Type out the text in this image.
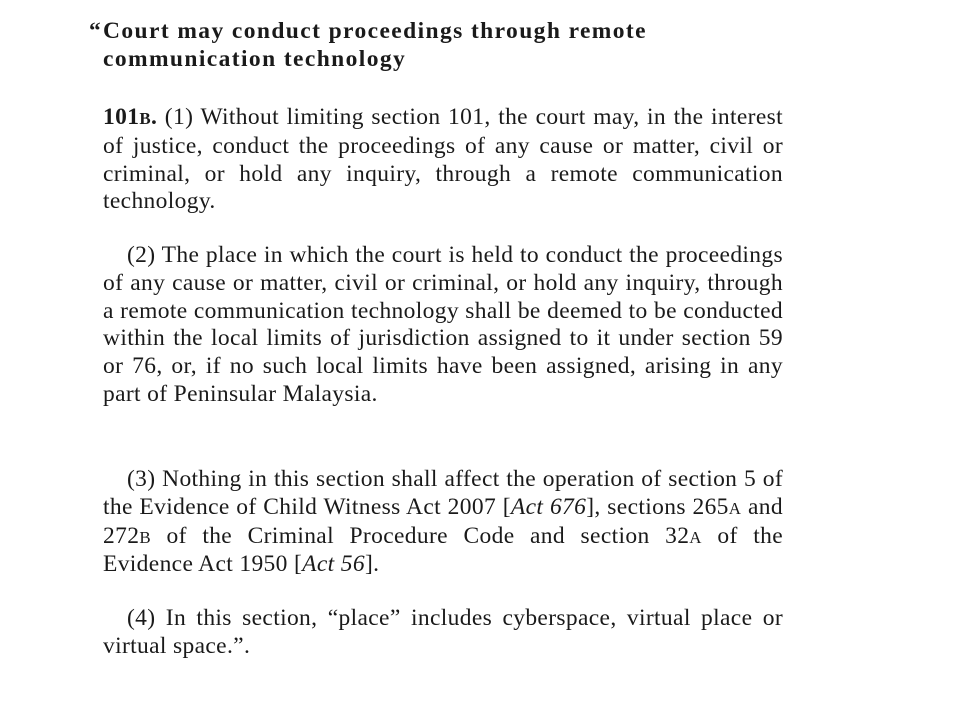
“ Court may conduct proceedings through remote
communication technology
101B. (1) Without limiting section 101, the court may, in the interest of justice, conduct the proceedings of any cause or matter, civil or criminal, or hold any inquiry, through a remote communication technology.
(2) The place in which the court is held to conduct the proceedings of any cause or matter, civil or criminal, or hold any inquiry, through a remote communication technology shall be deemed to be conducted within the local limits of jurisdiction assigned to it under section 59 or 76, or, if no such local limits have been assigned, arising in any part of Peninsular Malaysia.
(3) Nothing in this section shall affect the operation of section 5 of the Evidence of Child Witness Act 2007 [Act 676], sections 265A and 272B of the Criminal Procedure Code and section 32A of the Evidence Act 1950 [Act 56].
(4) In this section, “place” includes cyberspace, virtual place or virtual space.”.
